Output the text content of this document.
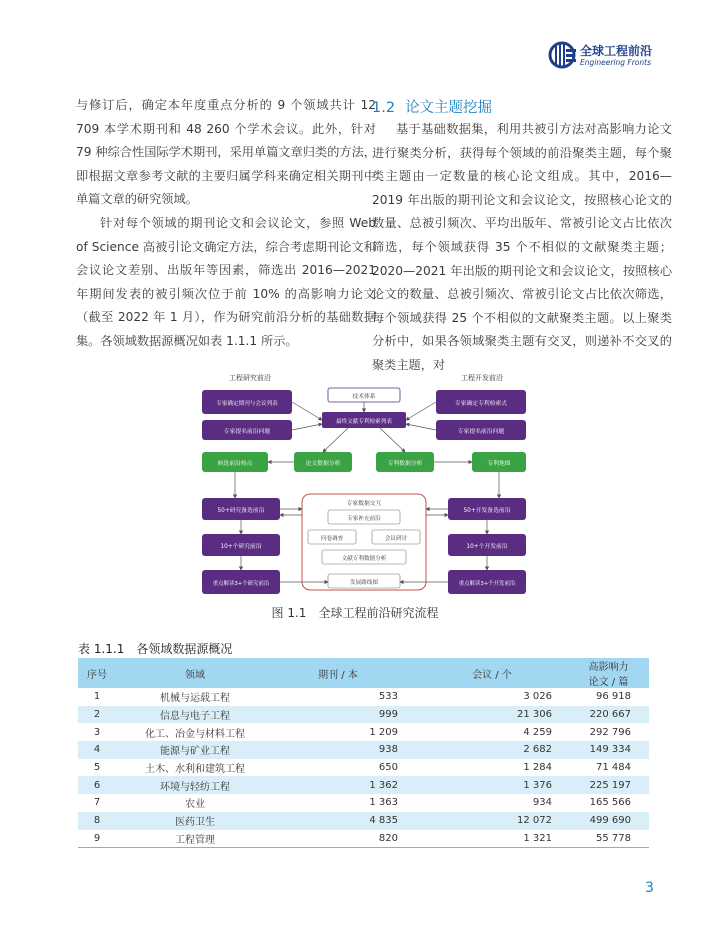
全球工程前沿
Engineering Fronts

与修订后，确定本年度重点分析的 9 个领域共计 12 709 本学术期刊和 48 260 个学术会议。此外，针对 79 种综合性国际学术期刊，采用单篇文章归类的方法，即根据文章参考文献的主要归属学科来确定相关期刊中单篇文章的研究领域。

针对每个领域的期刊论文和会议论文，参照 Web of Science 高被引论文确定方法，综合考虑期刊论文和会议论文差别、出版年等因素，筛选出 2016—2021 年期间发表的被引频次位于前 10% 的高影响力论文（截至 2022 年 1 月），作为研究前沿分析的基础数据集。各领域数据源概况如表 1.1.1 所示。

1.2 论文主题挖掘

基于基础数据集，利用共被引方法对高影响力论文进行聚类分析，获得每个领域的前沿聚类主题，每个聚类主题由一定数量的核心论文组成。其中，2016—2019 年出版的期刊论文和会议论文，按照核心论文的数量、总被引频次、平均出版年、常被引论文占比依次筛选，每个领域获得 35 个不相似的文献聚类主题；2020—2021 年出版的期刊论文和会议论文，按照核心论文的数量、总被引频次、常被引论文占比依次筛选，每个领域获得 25 个不相似的文献聚类主题。以上聚类分析中，如果各领域聚类主题有交叉，则递补不交叉的聚类主题，对

工程研究前沿	工程开发前沿
专家确定期刊与会议列表
专家提名前沿问题
候选前沿热点
50+研究备选前沿
10+个研究前沿
重点解读3+个研究前沿
专家确定专利检索式
专家提名前沿问题
专利地图
50+开发备选前沿
10+个开发前沿
重点解读3+个开发前沿
技术体系
最终文献专利检索列表
论文数据分析	专利数据分析
专家数据交互
专家补充前沿
问卷调查	会议研讨
文献专利数据分析
发展路线图
图 1.1　全球工程前沿研究流程
表 1.1.1　各领域数据源概况
序号	领域	期刊 / 本	会议 / 个	高影响力论文 / 篇
1	机械与运载工程	533	3 026	96 918
2	信息与电子工程	999	21 306	220 667
3	化工、冶金与材料工程	1 209	4 259	292 796
4	能源与矿业工程	938	2 682	149 334
5	土木、水利和建筑工程	650	1 284	71 484
6	环境与轻纺工程	1 362	1 376	225 197
7	农业	1 363	934	165 566
8	医药卫生	4 835	12 072	499 690
9	工程管理	820	1 321	55 778
3
